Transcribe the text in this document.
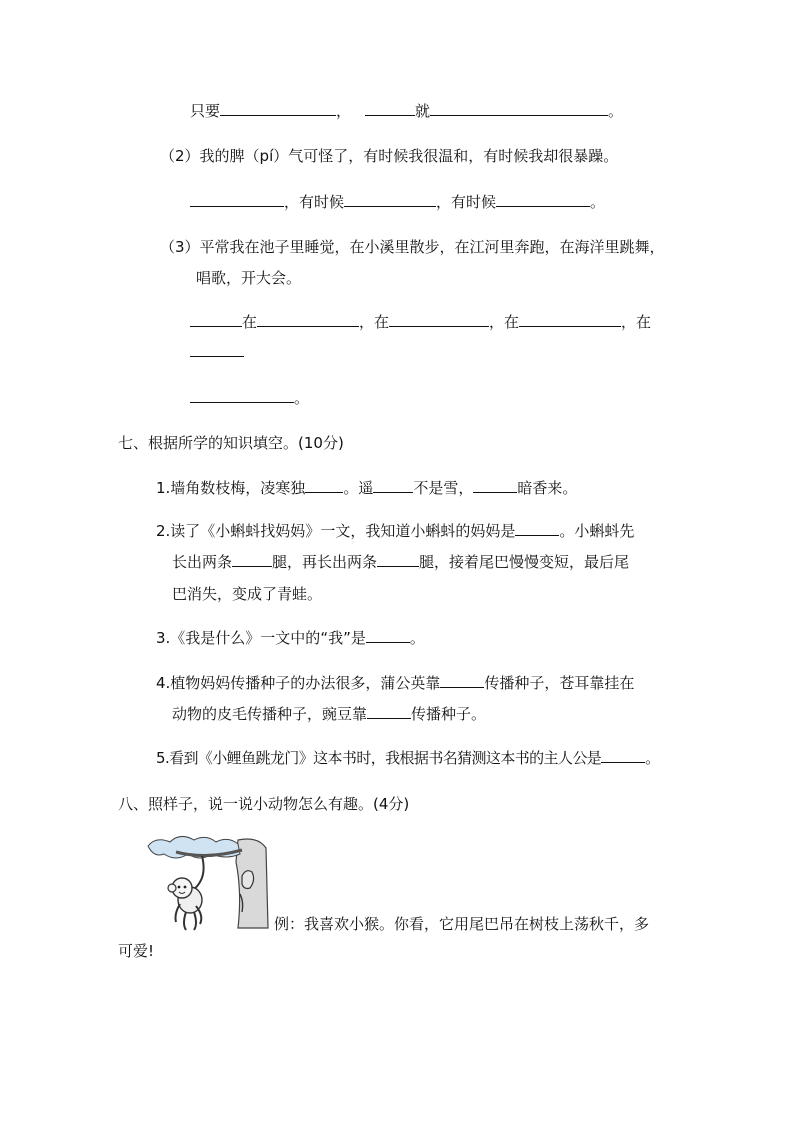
只要	，	就	。
（2）我的脾（pí）气可怪了，有时候我很温和，有时候我却很暴躁。
，有时候	，有时候	。
（3）平常我在池子里睡觉，在小溪里散步，在江河里奔跑，在海洋里跳舞，
唱歌，开大会。
在	，在	，在	，在
。
七、根据所学的知识填空。(10分)
1.墙角数枝梅，凌寒独	。遥	不是雪，	暗香来。
2.读了《小蝌蚪找妈妈》一文，我知道小蝌蚪的妈妈是	。小蝌蚪先
长出两条	腿，再长出两条	腿，接着尾巴慢慢变短，最后尾
巴消失，变成了青蛙。
3.《我是什么》一文中的“我”是	。
4.植物妈妈传播种子的办法很多，蒲公英靠	传播种子，苍耳靠挂在
动物的皮毛传播种子，豌豆靠	传播种子。
5.看到《小鲤鱼跳龙门》这本书时，我根据书名猜测这本书的主人公是	。
八、照样子，说一说小动物怎么有趣。(4分)
例：我喜欢小猴。你看，它用尾巴吊在树枝上荡秋千，多
可爱!
